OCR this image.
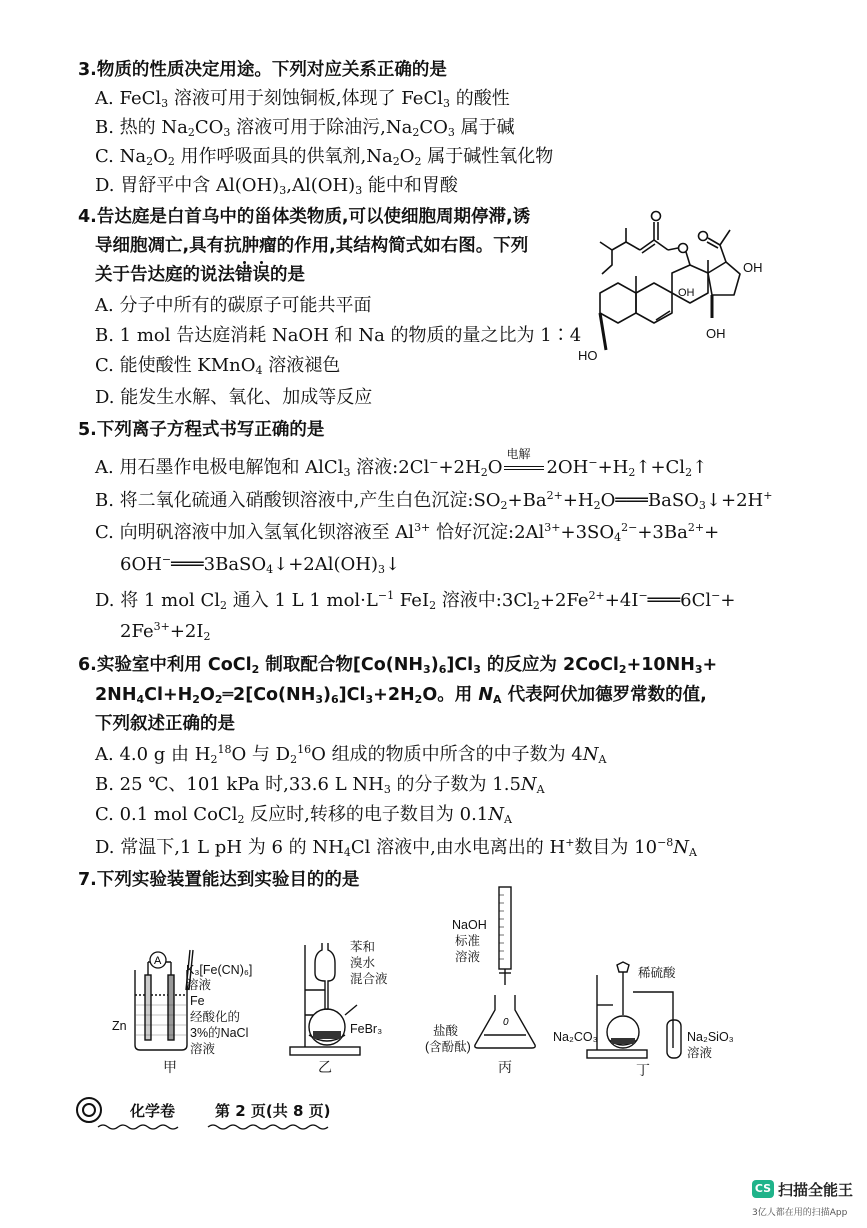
3.物质的性质决定用途。下列对应关系正确的是
A. FeCl$_3$ 溶液可用于刻蚀铜板,体现了 FeCl$_3$ 的酸性
B. 热的 $Na_2CO_3$ 溶液可用于除油污$,Na_2CO_3$ 属于碱
C. $Na_2O_2$ 用作呼吸面具的供氧剂$,Na_2O_2$ 属于碱性氧化物
D. 胃舒平中含 $Al(OH)_3,Al(OH)_3$ 能中和胃酸
4.告达庭是白首乌中的甾体类物质,可以使细胞周期停滞,诱
导细胞凋亡,具有抗肿瘤的作用,其结构简式如右图。下列
关于告达庭的说法错误的是
A. 分子中所有的碳原子可能共平面
B. 1 mol 告达庭消耗 NaOH 和 Na 的物质的量之比为 1∶4
C. 能使酸性 KMnO$_4$ 溶液褪色
D. 能发生水解、氧化、加成等反应
OH
OH
OH
HO
5.下列离子方程式书写正确的是
A. 用石墨作电极电解饱和 AlCl$_3$ 溶液$:2Cl^-+2H_2O$
电解
$2OH^-+H_2↑+Cl_2↑$
B. 将二氧化硫通入硝酸钡溶液中,产生白色沉淀$:SO_2+Ba^{2+}+H_2O═══BaSO_3↓+2H^+$
C. 向明矾溶液中加入氢氧化钡溶液至 $Al^{3+}$ 恰好沉淀$:2Al^{3+}+3SO_4^{2-}+3Ba^{2+}+$
$6OH^-═══3BaSO_4↓+2Al(OH)_3↓$
D. 将 1 mol $Cl_2$ 通入 1 L 1 $mol\cdot L^{-1}$ FeI$_2$ 溶液中$:3Cl_2+2Fe^{2+}+4I^-═══6Cl^-+$
$2Fe^{3+}+2I_2$
6.实验室中利用 CoCl$_2$ 制取配合物$[Co(NH_3)_6]Cl_3$ 的反应为 $2CoCl_2+10NH_3+$
$2NH_4Cl+H_2O_2═2[Co(NH_3)_6]Cl_3+2H_2O$。用 $N_A$ 代表阿伏加德罗常数的值,
下列叙述正确的是
A. 4.0 g 由 $H_2^{18}O$ 与 $D_2^{16}O$ 组成的物质中所含的中子数为 $4N_A$
B. 25 ℃、101 kPa 时,33.6 L $NH_3$ 的分子数为 $1.5N_A$
C. 0.1 mol CoCl$_2$ 反应时,转移的电子数目为 $0.1N_A$
D. 常温下,1 L pH 为 6 的 $NH_4Cl$ 溶液中,由水电离出的 H+数目为 $10^{-8}N_A$
7.下列实验装置能达到实验目的的是
A
K₃[Fe(CN)₆]
溶液
Zn
Fe
经酸化的
3%的NaCl
溶液
甲
苯和
溴水
混合液
FeBr₃
乙
0
NaOH
标准
溶液
盐酸
(含酚酞)
丙
稀硫酸
Na₂CO₃	Na₂SiO₃
溶液
丁
化学卷	第 2 页(共 8 页)
CS 扫描全能王
3亿人都在用的扫描App
